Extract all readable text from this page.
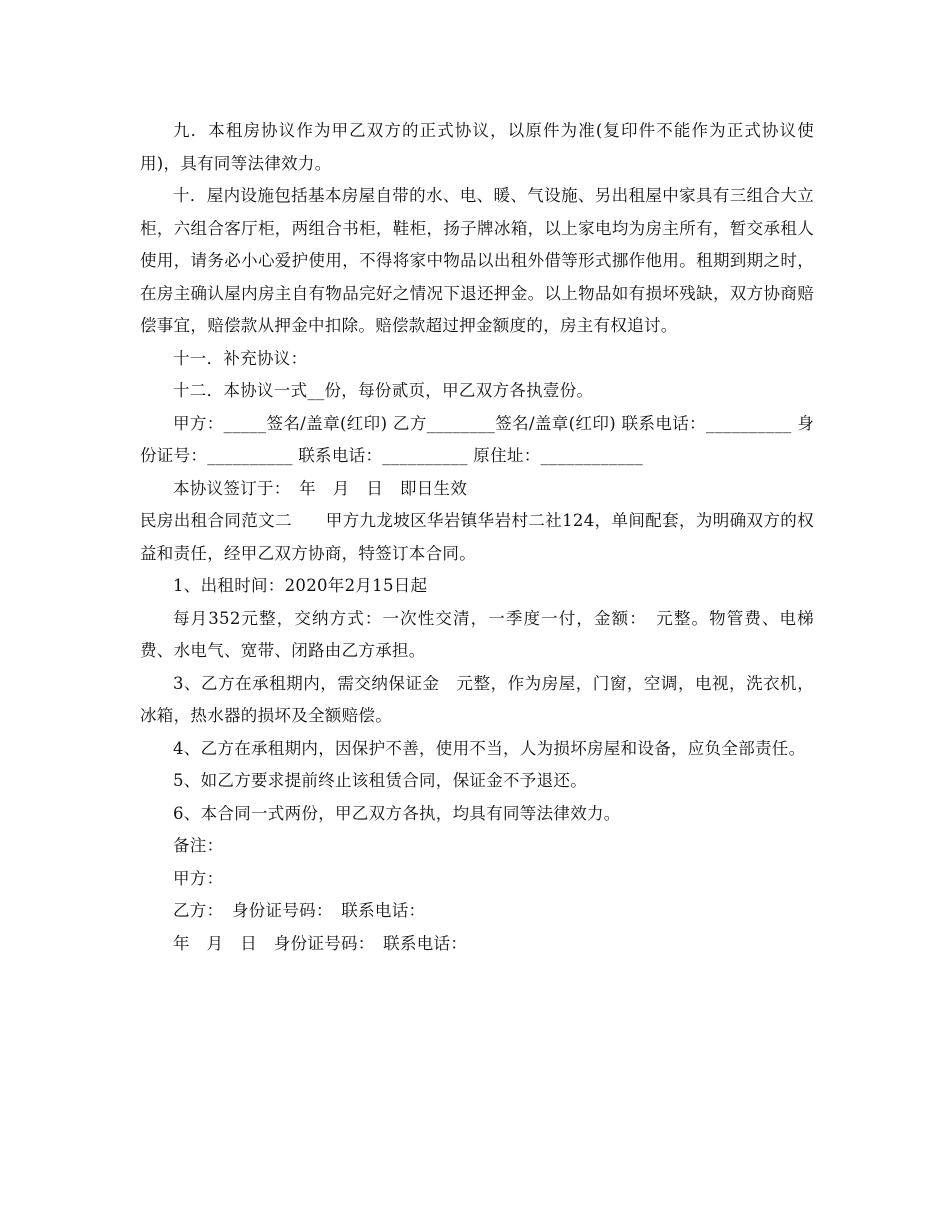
九．本租房协议作为甲乙双方的正式协议，以原件为准(复印件不能作为正式协议使用)，具有同等法律效力。

十．屋内设施包括基本房屋自带的水、电、暖、气设施、另出租屋中家具有三组合大立柜，六组合客厅柜，两组合书柜，鞋柜，扬子牌冰箱，以上家电均为房主所有，暂交承租人使用，请务必小心爱护使用，不得将家中物品以出租外借等形式挪作他用。租期到期之时，在房主确认屋内房主自有物品完好之情况下退还押金。以上物品如有损坏残缺，双方协商赔偿事宜，赔偿款从押金中扣除。赔偿款超过押金额度的，房主有权追讨。

十一．补充协议：

十二．本协议一式__份，每份贰页，甲乙双方各执壹份。

甲方：_____签名/盖章(红印) 乙方________签名/盖章(红印) 联系电话：__________ 身份证号：__________ 联系电话：__________ 原住址：____________

本协议签订于：　年　月　日　即日生效

民房出租合同范文二　　甲方九龙坡区华岩镇华岩村二社124，单间配套，为明确双方的权益和责任，经甲乙双方协商，特签订本合同。

1、出租时间：2020年2月15日起

每月352元整，交纳方式：一次性交清，一季度一付，金额：　元整。物管费、电梯费、水电气、宽带、闭路由乙方承担。

3、乙方在承租期内，需交纳保证金　元整，作为房屋，门窗，空调，电视，洗衣机，冰箱，热水器的损坏及全额赔偿。

4、乙方在承租期内，因保护不善，使用不当，人为损坏房屋和设备，应负全部责任。

5、如乙方要求提前终止该租赁合同，保证金不予退还。

6、本合同一式两份，甲乙双方各执，均具有同等法律效力。

备注：

甲方：

乙方：　身份证号码：　联系电话：

年　月　日　身份证号码：　联系电话：
